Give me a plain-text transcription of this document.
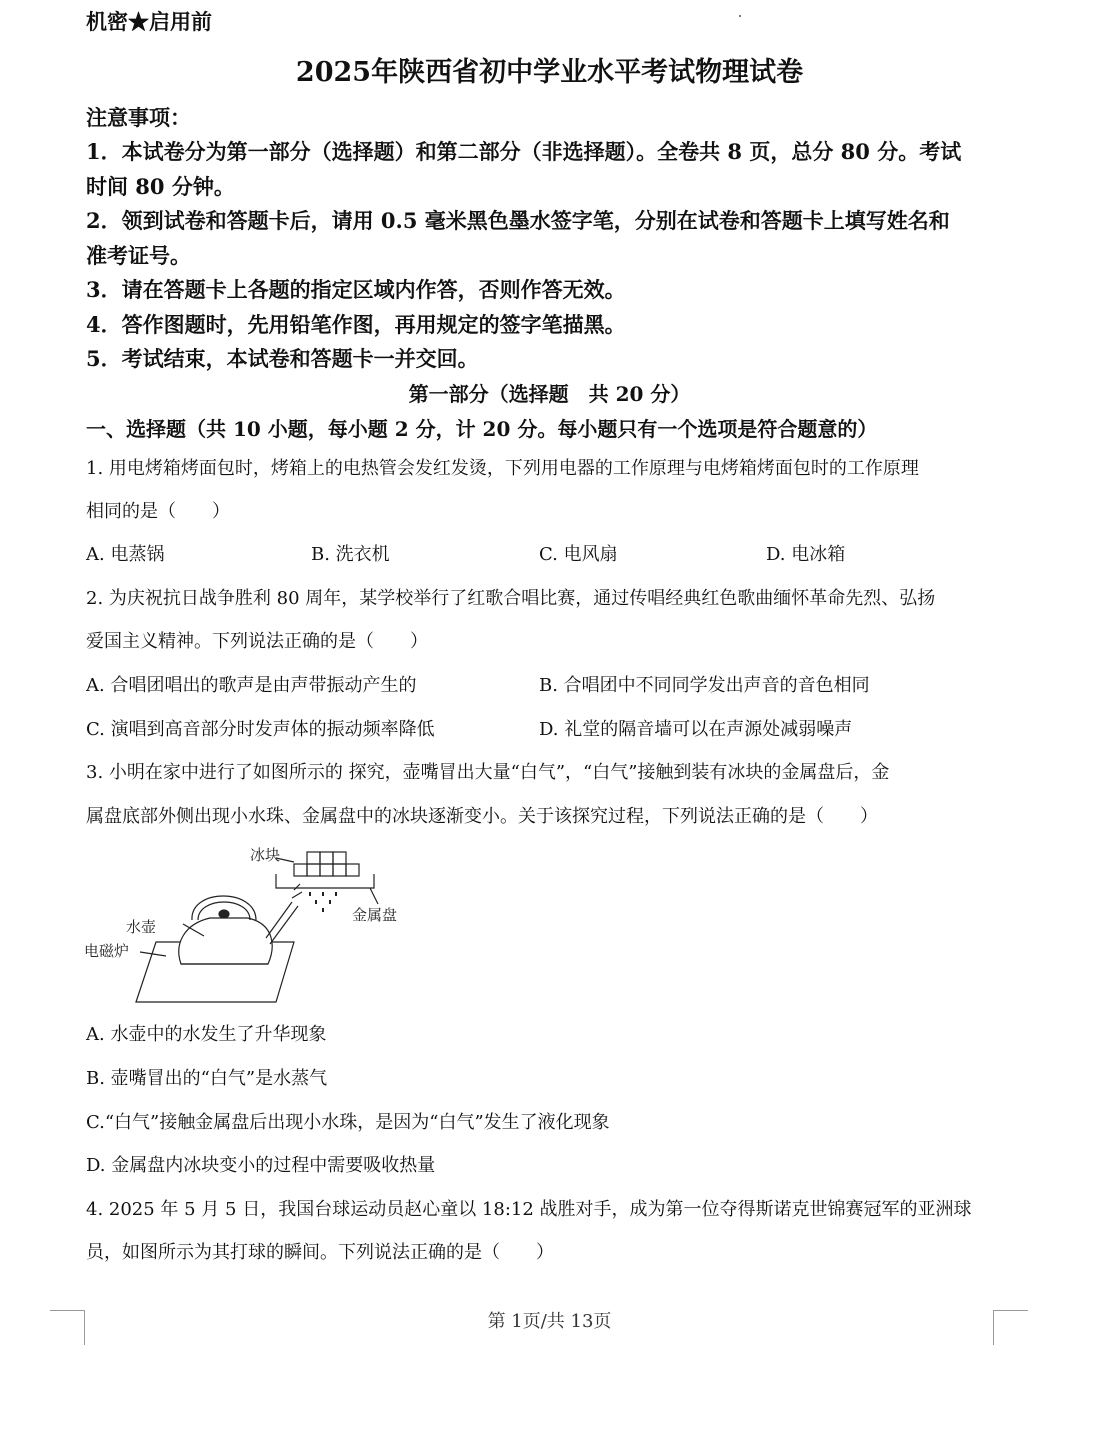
机密★启用前
2025年陕西省初中学业水平考试物理试卷
注意事项：
1．本试卷分为第一部分（选择题）和第二部分（非选择题）。全卷共 8 页，总分 80 分。考试
时间 80 分钟。
2．领到试卷和答题卡后，请用 0.5 毫米黑色墨水签字笔，分别在试卷和答题卡上填写姓名和
准考证号。
3．请在答题卡上各题的指定区域内作答，否则作答无效。
4．答作图题时，先用铅笔作图，再用规定的签字笔描黑。
5．考试结束，本试卷和答题卡一并交回。
第一部分（选择题　共 20 分）
一、选择题（共 10 小题，每小题 2 分，计 20 分。每小题只有一个选项是符合题意的）
1. 用电烤箱烤面包时，烤箱上的电热管会发红发烫，下列用电器的工作原理与电烤箱烤面包时的工作原理
相同的是（　　）
A. 电蒸锅	B. 洗衣机	C. 电风扇	D. 电冰箱
2. 为庆祝抗日战争胜利 80 周年，某学校举行了红歌合唱比赛，通过传唱经典红色歌曲缅怀革命先烈、弘扬
爱国主义精神。下列说法正确的是（　　）
A. 合唱团唱出的歌声是由声带振动产生的	B. 合唱团中不同同学发出声音的音色相同
C. 演唱到高音部分时发声体的振动频率降低	D. 礼堂的隔音墙可以在声源处减弱噪声
3. 小明在家中进行了如图所示的 探究，壶嘴冒出大量“白气”，“白气”接触到装有冰块的金属盘后，金
属盘底部外侧出现小水珠、金属盘中的冰块逐渐变小。关于该探究过程，下列说法正确的是（　　）
冰块
金属盘
水壶
电磁炉
A. 水壶中的水发生了升华现象
B. 壶嘴冒出的“白气”是水蒸气
C.“白气”接触金属盘后出现小水珠，是因为“白气”发生了液化现象
D. 金属盘内冰块变小的过程中需要吸收热量
4. 2025 年 5 月 5 日，我国台球运动员赵心童以 18:12 战胜对手，成为第一位夺得斯诺克世锦赛冠军的亚洲球
员，如图所示为其打球的瞬间。下列说法正确的是（　　）
第 1页/共 13页
